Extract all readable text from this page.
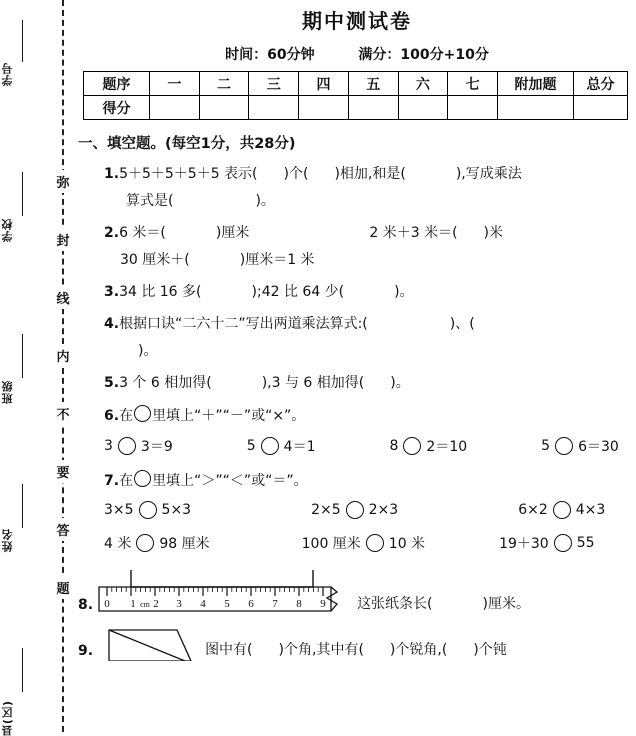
学号
学校
班级
姓名
县(区)
弥
封
线
内
不
要
答
题
期中测试卷
时间：60分钟	满分：100分+10分
题序	一	二	三	四	五	六	七	附加题	总分
得分									
一、填空题。(每空1分，共28分)
1.5＋5＋5＋5＋5 表示( )个( )相加,和是(	),写成乘法
算式是(	)。
2.6 米＝(	)厘米	2 米＋3 米＝( )米
30 厘米＋(	)厘米＝1 米
3.34 比 16 多(	);42 比 64 少(	)。
4.根据口诀“二六十二”写出两道乘法算式:(	)、(
)。
5.3 个 6 相加得(	),3 与 6 相加得( )。
6.在 里填上“＋”“－”或“×”。
3 3＝9	5 4＝1	8 2＝10	5 6＝30
7.在 里填上“＞”“＜”或“＝”。
3×5 5×3	2×5 2×3	6×2 4×3
4 米 98 厘米	100 厘米 10 米	19＋30 55
8. 0 1 cm 2 3 4 5 6 7 8 9 这张纸条长(	)厘米。
9.	图中有( )个角,其中有( )个锐角,( )个钝
